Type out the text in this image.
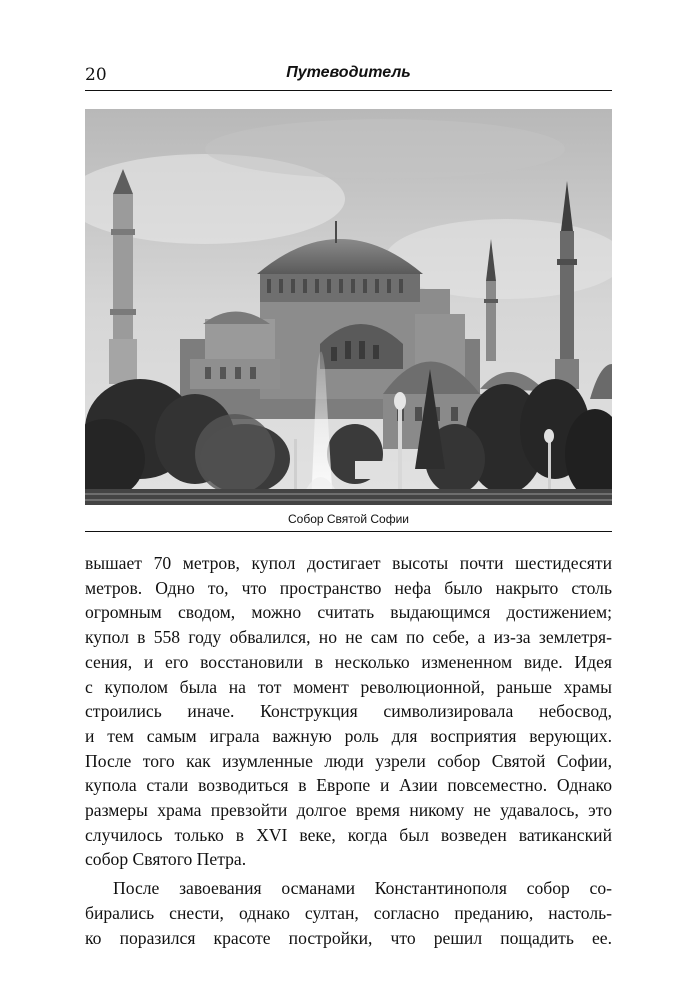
20	Путеводитель
Собор Святой Софии
вышает 70 метров, купол достигает высоты почти шестидесяти
метров. Одно то, что пространство нефа было накрыто столь
огромным сводом, можно считать выдающимся достижением;
купол в 558 году обвалился, но не сам по себе, а из-за землетря-
сения, и его восстановили в несколько измененном виде. Идея
с куполом была на тот момент революционной, раньше храмы
строились иначе. Конструкция символизировала небосвод,
и тем самым играла важную роль для восприятия верующих.
После того как изумленные люди узрели собор Святой Софии,
купола стали возводиться в Европе и Азии повсеместно. Однако
размеры храма превзойти долгое время никому не удавалось, это
случилось только в XVI веке, когда был возведен ватиканский
собор Святого Петра.
После завоевания османами Константинополя собор со-
бирались снести, однако султан, согласно преданию, настоль-
ко поразился красоте постройки, что решил пощадить ее.
